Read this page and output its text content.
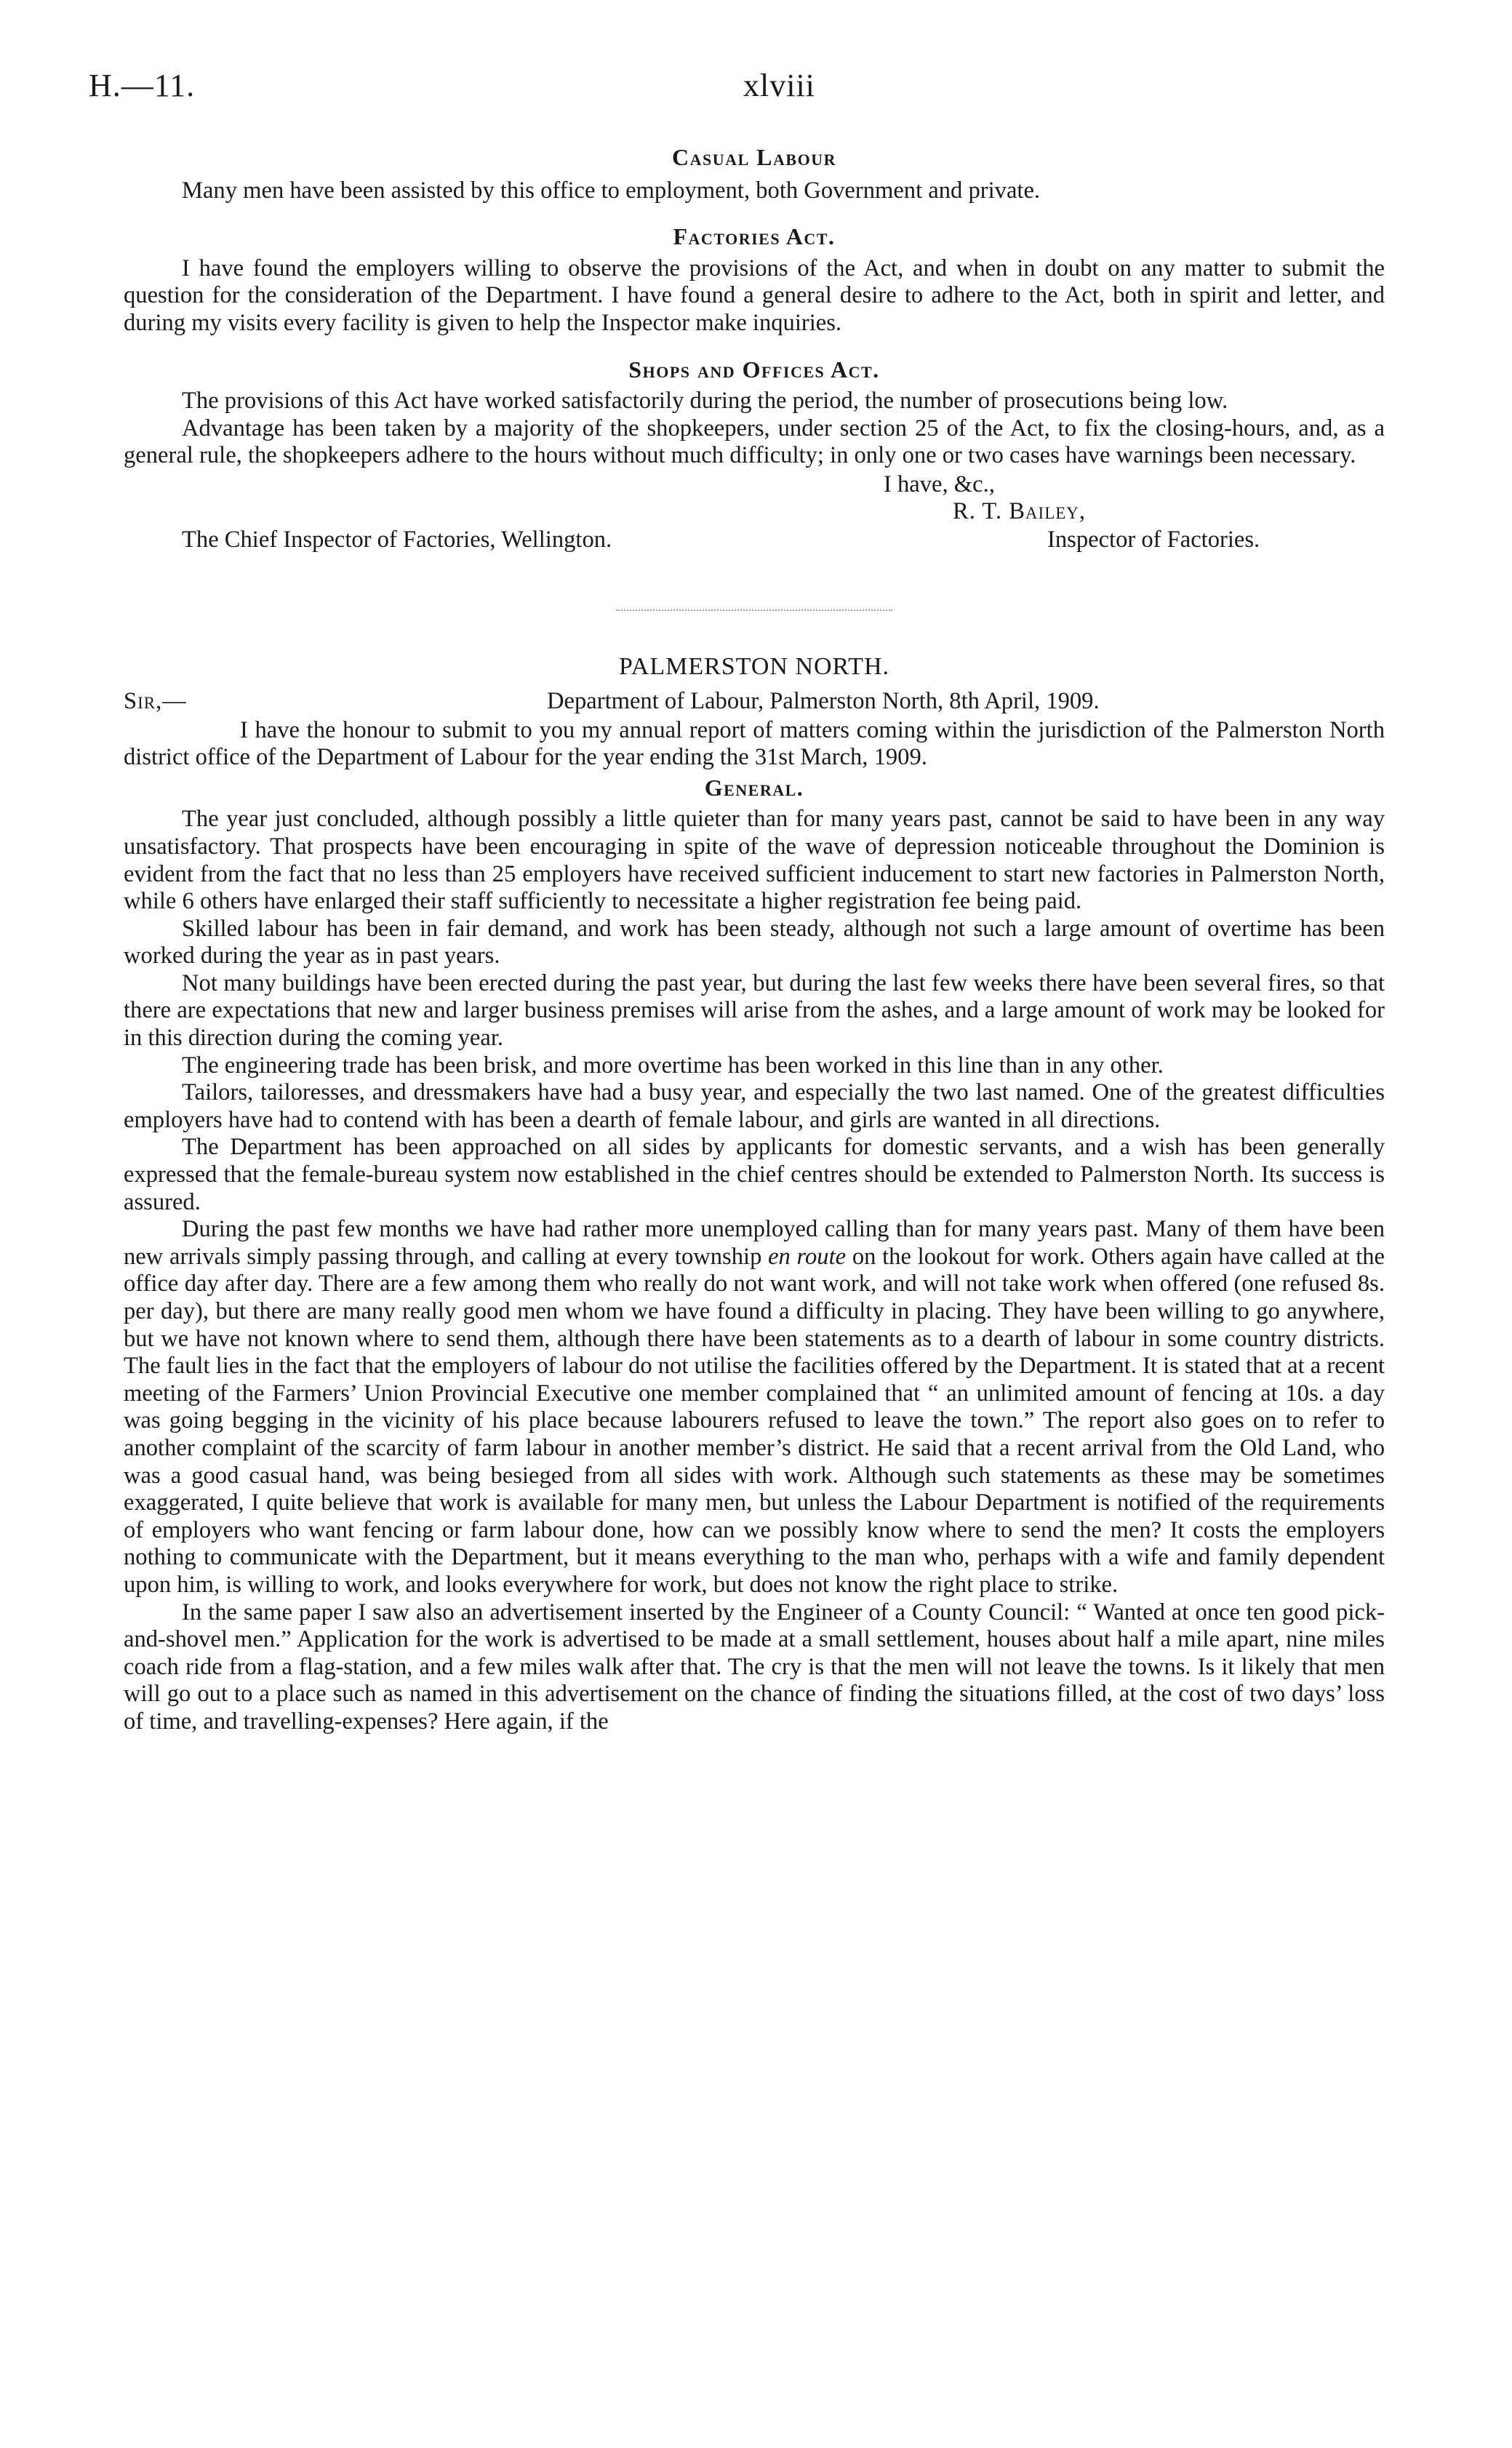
H.—11.	xlviii
Casual Labour

Many men have been assisted by this office to employment, both Government and private.

Factories Act.

I have found the employers willing to observe the provisions of the Act, and when in doubt on any matter to submit the question for the consideration of the Department. I have found a general desire to adhere to the Act, both in spirit and letter, and during my visits every facility is given to help the Inspector make inquiries.

Shops and Offices Act.

The provisions of this Act have worked satisfactorily during the period, the number of prosecutions being low.

Advantage has been taken by a majority of the shopkeepers, under section 25 of the Act, to fix the closing-hours, and, as a general rule, the shopkeepers adhere to the hours without much difficulty; in only one or two cases have warnings been necessary.

I have, &c.,
R. T. Bailey,
The Chief Inspector of Factories, Wellington.	Inspector of Factories.
PALMERSTON NORTH.
Sir,—	Department of Labour, Palmerston North, 8th April, 1909.

I have the honour to submit to you my annual report of matters coming within the jurisdiction of the Palmerston North district office of the Department of Labour for the year ending the 31st March, 1909.

General.

The year just concluded, although possibly a little quieter than for many years past, cannot be said to have been in any way unsatisfactory. That prospects have been encouraging in spite of the wave of depression noticeable throughout the Dominion is evident from the fact that no less than 25 employers have received sufficient inducement to start new factories in Palmerston North, while 6 others have enlarged their staff sufficiently to necessitate a higher registration fee being paid.

Skilled labour has been in fair demand, and work has been steady, although not such a large amount of overtime has been worked during the year as in past years.

Not many buildings have been erected during the past year, but during the last few weeks there have been several fires, so that there are expectations that new and larger business premises will arise from the ashes, and a large amount of work may be looked for in this direction during the coming year.

The engineering trade has been brisk, and more overtime has been worked in this line than in any other.

Tailors, tailoresses, and dressmakers have had a busy year, and especially the two last named. One of the greatest difficulties employers have had to contend with has been a dearth of female labour, and girls are wanted in all directions.

The Department has been approached on all sides by applicants for domestic servants, and a wish has been generally expressed that the female-bureau system now established in the chief centres should be extended to Palmerston North. Its success is assured.

During the past few months we have had rather more unemployed calling than for many years past. Many of them have been new arrivals simply passing through, and calling at every township en route on the lookout for work. Others again have called at the office day after day. There are a few among them who really do not want work, and will not take work when offered (one refused 8s. per day), but there are many really good men whom we have found a difficulty in placing. They have been willing to go anywhere, but we have not known where to send them, although there have been statements as to a dearth of labour in some country districts. The fault lies in the fact that the employers of labour do not utilise the facilities offered by the Department. It is stated that at a recent meeting of the Farmers’ Union Provincial Executive one member complained that “ an unlimited amount of fencing at 10s. a day was going begging in the vicinity of his place because labourers refused to leave the town.” The report also goes on to refer to another complaint of the scarcity of farm labour in another member’s district. He said that a recent arrival from the Old Land, who was a good casual hand, was being besieged from all sides with work. Although such statements as these may be sometimes exaggerated, I quite believe that work is available for many men, but unless the Labour Department is notified of the requirements of employers who want fencing or farm labour done, how can we possibly know where to send the men? It costs the employers nothing to communicate with the Department, but it means everything to the man who, perhaps with a wife and family dependent upon him, is willing to work, and looks everywhere for work, but does not know the right place to strike.

In the same paper I saw also an advertisement inserted by the Engineer of a County Council: “ Wanted at once ten good pick-and-shovel men.” Application for the work is advertised to be made at a small settlement, houses about half a mile apart, nine miles coach ride from a flag-station, and a few miles walk after that. The cry is that the men will not leave the towns. Is it likely that men will go out to a place such as named in this advertisement on the chance of finding the situations filled, at the cost of two days’ loss of time, and travelling-expenses? Here again, if the
